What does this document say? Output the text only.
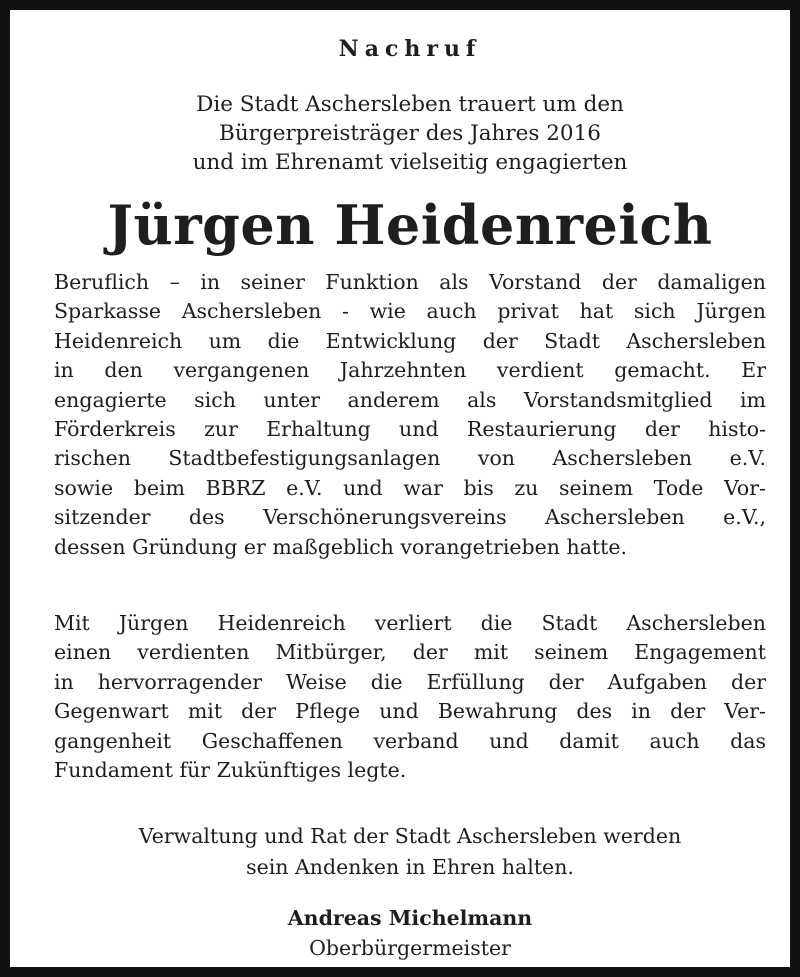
Nachruf
Die Stadt Aschersleben trauert um den
Bürgerpreisträger des Jahres 2016
und im Ehrenamt vielseitig engagierten
Jürgen Heidenreich
Beruflich – in seiner Funktion als Vorstand der damaligen
Sparkasse Aschersleben - wie auch privat hat sich Jürgen
Heidenreich um die Entwicklung der Stadt Aschersleben
in den vergangenen Jahrzehnten verdient gemacht. Er
engagierte sich unter anderem als Vorstandsmitglied im
Förderkreis zur Erhaltung und Restaurierung der histo-
rischen Stadtbefestigungsanlagen von Aschersleben e.V.
sowie beim BBRZ e.V. und war bis zu seinem Tode Vor-
sitzender des Verschönerungsvereins Aschersleben e.V.,
dessen Gründung er maßgeblich vorangetrieben hatte.
Mit Jürgen Heidenreich verliert die Stadt Aschersleben
einen verdienten Mitbürger, der mit seinem Engagement
in hervorragender Weise die Erfüllung der Aufgaben der
Gegenwart mit der Pflege und Bewahrung des in der Ver-
gangenheit Geschaffenen verband und damit auch das
Fundament für Zukünftiges legte.
Verwaltung und Rat der Stadt Aschersleben werden
sein Andenken in Ehren halten.
Andreas Michelmann
Oberbürgermeister
